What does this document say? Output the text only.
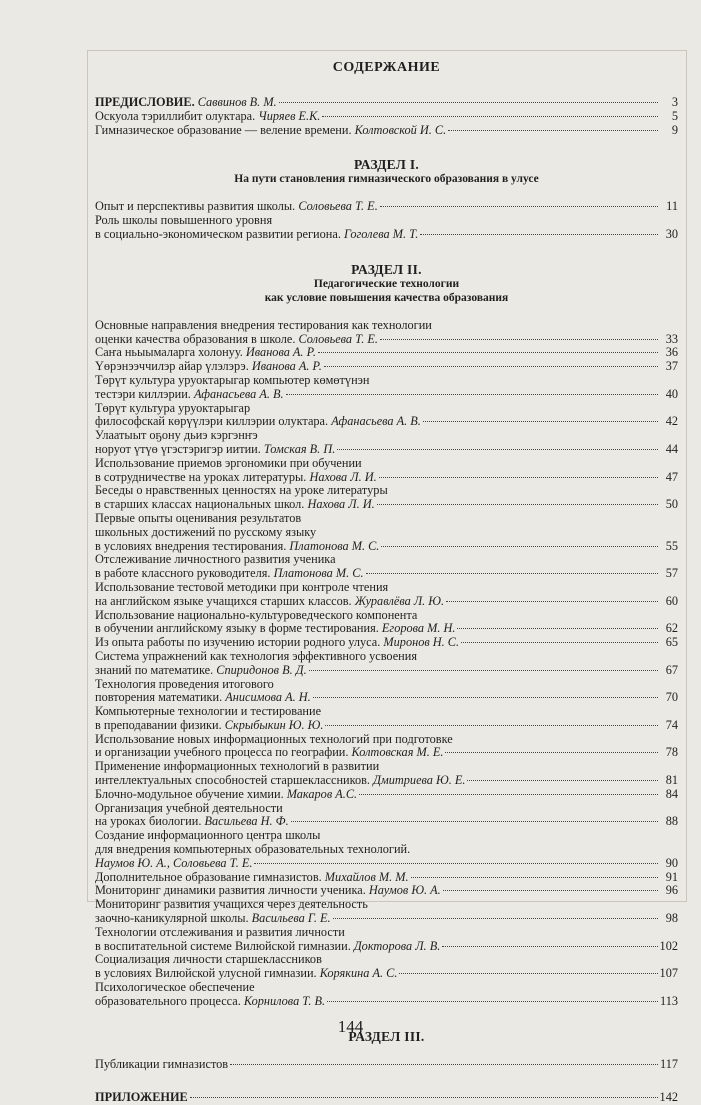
СОДЕРЖАНИЕ
ПРЕДИСЛОВИЕ. Саввинов В. М.	3
Оскуола тэриллибит олуктара. Чиряев Е.К.	5
Гимназическое образование — веление времени. Колтовской И. С.	9
РАЗДЕЛ I.
На пути становления гимназического образования в улусе
Опыт и перспективы развития школы. Соловьева Т. Е.	11
Роль школы повышенного уровня
в социально-экономическом развитии региона. Гоголева М. Т.	30
РАЗДЕЛ II.
Педагогические технологии
как условие повышения качества образования
Основные направления внедрения тестирования как технологии
оценки качества образования в школе. Соловьева Т. Е.	33
Саҥа ньыымаларга холонуу. Иванова А. Р.	36
Үөрэнээччилэр айар үлэлэрэ. Иванова А. Р.	37
Төрүт культура уруоктарыгар компьютер көмөтүнэн
тестэри киллэрии. Афанасьева А. В.	40
Төрүт культура уруоктарыгар
философскай көрүүлэри киллэрии олуктара. Афанасьева А. В.	42
Улаатыыт оҕону дьиэ кэргэнҥэ
норуот үтүө үгэстэригэр иитии. Томская В. П.	44
Использование приемов эргономики при обучении
в сотрудничестве на уроках литературы. Нахова Л. И.	47
Беседы о нравственных ценностях на уроке литературы
в старших классах национальных школ. Нахова Л. И.	50
Первые опыты оценивания результатов
школьных достижений по русскому языку
в условиях внедрения тестирования. Платонова М. С.	55
Отслеживание личностного развития ученика
в работе классного руководителя. Платонова М. С.	57
Использование тестовой методики при контроле чтения
на английском языке учащихся старших классов. Журавлёва Л. Ю.	60
Использование национально-культуроведческого компонента
в обучении английскому языку в форме тестирования. Егорова М. Н.	62
Из опыта работы по изучению истории родного улуса. Миронов Н. С.	65
Система упражнений как технология эффективного усвоения
знаний по математике. Спиридонов В. Д.	67
Технология проведения итогового
повторения математики. Анисимова А. Н.	70
Компьютерные технологии и тестирование
в преподавании физики. Скрыбыкин Ю. Ю.	74
Использование новых информационных технологий при подготовке
и организации учебного процесса по географии. Колтовская М. Е.	78
Применение информационных технологий в развитии
интеллектуальных способностей старшеклассников. Дмитриева Ю. Е.	81
Блочно-модульное обучение химии. Макаров А.С.	84
Организация учебной деятельности
на уроках биологии. Васильева Н. Ф.	88
Создание информационного центра школы
для внедрения компьютерных образовательных технологий.
Наумов Ю. А., Соловьева Т. Е.	90
Дополнительное образование гимназистов. Михайлов М. М.	91
Мониторинг динамики развития личности ученика. Наумов Ю. А.	96
Мониторинг развития учащихся через деятельность
заочно-каникулярной школы. Васильева Г. Е.	98
Технологии отслеживания и развития личности
в воспитательной системе Вилюйской гимназии. Докторова Л. В.	102
Социализация личности старшеклассников
в условиях Вилюйской улусной гимназии. Корякина А. С.	107
Психологическое обеспечение
образовательного процесса. Корнилова Т. В.	113
РАЗДЕЛ III.
Публикации гимназистов	117
ПРИЛОЖЕНИЕ	142
144
